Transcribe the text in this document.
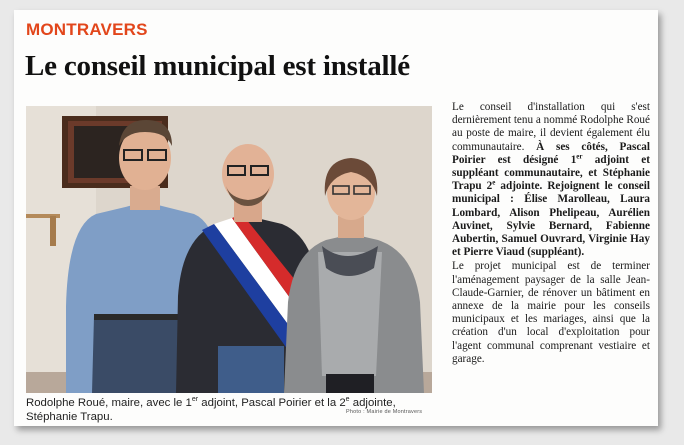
MONTRAVERS
Le conseil municipal est installé
Rodolphe Roué, maire, avec le 1er adjoint, Pascal Poirier et la 2e adjointe, Stéphanie Trapu.	Photo : Mairie de Montravers

Le conseil d'installation qui s'est dernièrement tenu a nommé Rodolphe Roué au poste de maire, il devient également élu communautaire. À ses côtés, Pascal Poirier est désigné 1er adjoint et suppléant communautaire, et Stéphanie Trapu 2e adjointe. Rejoignent le conseil municipal : Élise Marolleau, Laura Lombard, Alison Phelipeau, Aurélien Auvinet, Sylvie Bernard, Fabienne Aubertin, Samuel Ouvrard, Virginie Hay et Pierre Viaud (suppléant).

Le projet municipal est de terminer l'aménagement paysager de la salle Jean-Claude-Garnier, de rénover un bâtiment en annexe de la mairie pour les conseils municipaux et les mariages, ainsi que la création d'un local d'exploitation pour l'agent communal comprenant vestiaire et garage.
